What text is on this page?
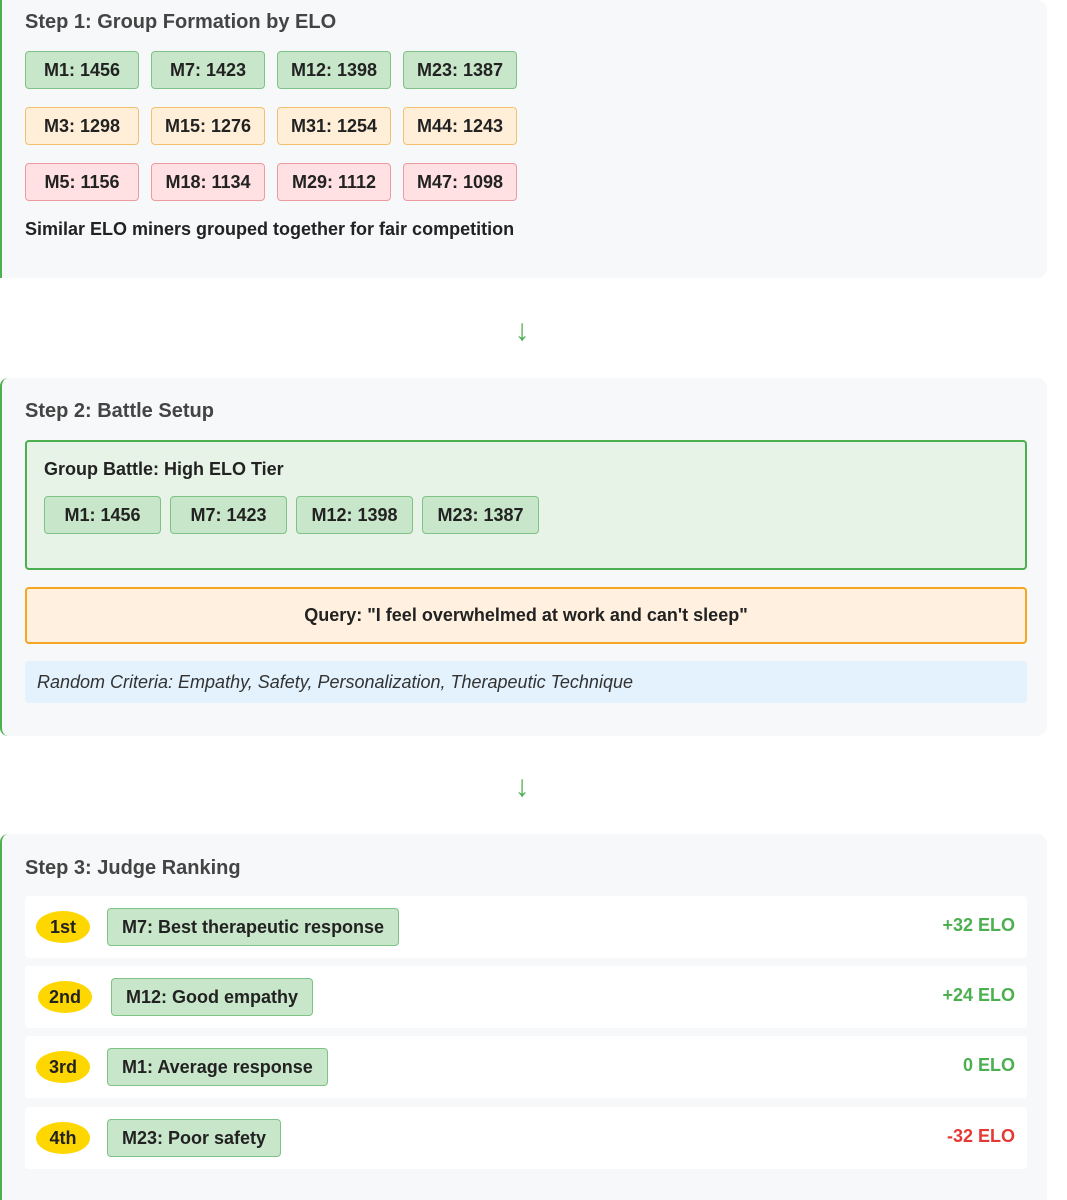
Step 1: Group Formation by ELO
M1: 1456	M7: 1423	M12: 1398	M23: 1387
M3: 1298	M15: 1276	M31: 1254	M44: 1243
M5: 1156	M18: 1134	M29: 1112	M47: 1098
Similar ELO miners grouped together for fair competition
↓
Step 2: Battle Setup
Group Battle: High ELO Tier
M1: 1456	M7: 1423	M12: 1398	M23: 1387
Query: "I feel overwhelmed at work and can't sleep"
Random Criteria: Empathy, Safety, Personalization, Therapeutic Technique
↓
Step 3: Judge Ranking
1st	M7: Best therapeutic response	+32 ELO
2nd	M12: Good empathy	+24 ELO
3rd	M1: Average response	0 ELO
4th	M23: Poor safety	-32 ELO
